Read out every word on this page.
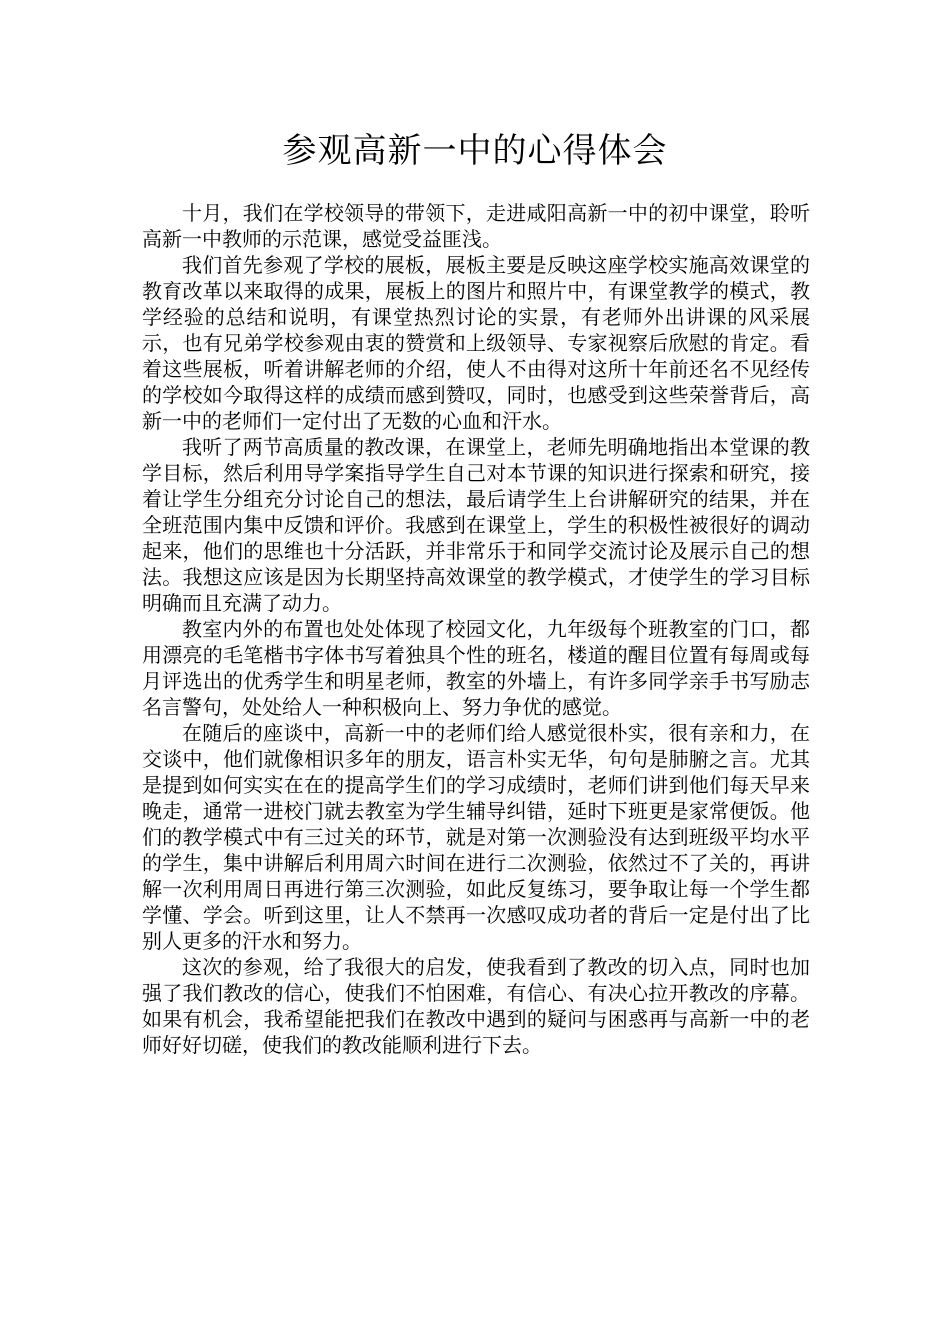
参观高新一中的心得体会

十月，我们在学校领导的带领下，走进咸阳高新一中的初中课堂，聆听高新一中教师的示范课，感觉受益匪浅。

我们首先参观了学校的展板，展板主要是反映这座学校实施高效课堂的教育改革以来取得的成果，展板上的图片和照片中，有课堂教学的模式，教学经验的总结和说明，有课堂热烈讨论的实景，有老师外出讲课的风采展示，也有兄弟学校参观由衷的赞赏和上级领导、专家视察后欣慰的肯定。看着这些展板，听着讲解老师的介绍，使人不由得对这所十年前还名不见经传的学校如今取得这样的成绩而感到赞叹，同时，也感受到这些荣誉背后，高新一中的老师们一定付出了无数的心血和汗水。

我听了两节高质量的教改课，在课堂上，老师先明确地指出本堂课的教学目标，然后利用导学案指导学生自己对本节课的知识进行探索和研究，接着让学生分组充分讨论自己的想法，最后请学生上台讲解研究的结果，并在全班范围内集中反馈和评价。我感到在课堂上，学生的积极性被很好的调动起来，他们的思维也十分活跃，并非常乐于和同学交流讨论及展示自己的想法。我想这应该是因为长期坚持高效课堂的教学模式，才使学生的学习目标明确而且充满了动力。

教室内外的布置也处处体现了校园文化，九年级每个班教室的门口，都用漂亮的毛笔楷书字体书写着独具个性的班名，楼道的醒目位置有每周或每月评选出的优秀学生和明星老师，教室的外墙上，有许多同学亲手书写励志名言警句，处处给人一种积极向上、努力争优的感觉。

在随后的座谈中，高新一中的老师们给人感觉很朴实，很有亲和力，在交谈中，他们就像相识多年的朋友，语言朴实无华，句句是肺腑之言。尤其是提到如何实实在在的提高学生们的学习成绩时，老师们讲到他们每天早来晚走，通常一进校门就去教室为学生辅导纠错，延时下班更是家常便饭。他们的教学模式中有三过关的环节，就是对第一次测验没有达到班级平均水平的学生，集中讲解后利用周六时间在进行二次测验，依然过不了关的，再讲解一次利用周日再进行第三次测验，如此反复练习，要争取让每一个学生都学懂、学会。听到这里，让人不禁再一次感叹成功者的背后一定是付出了比别人更多的汗水和努力。

这次的参观，给了我很大的启发，使我看到了教改的切入点，同时也加强了我们教改的信心，使我们不怕困难，有信心、有决心拉开教改的序幕。如果有机会，我希望能把我们在教改中遇到的疑问与困惑再与高新一中的老师好好切磋，使我们的教改能顺利进行下去。
